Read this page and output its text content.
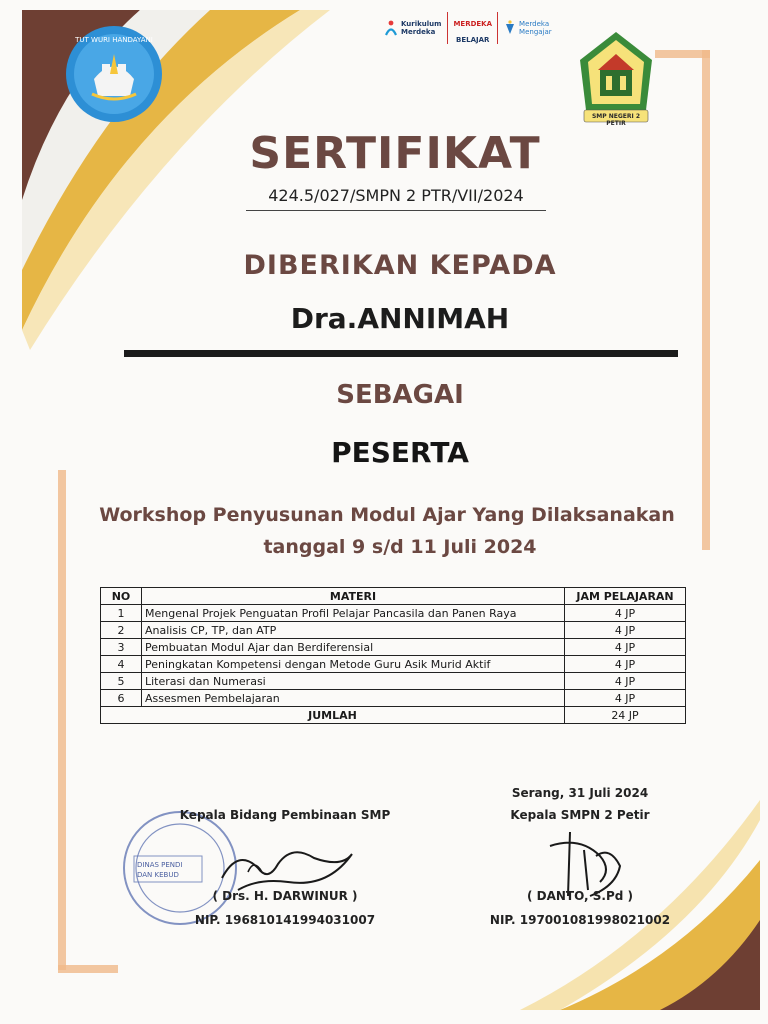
TUT WURI HANDAYANI
Kurikulum
Merdeka

MERDEKA

BELAJAR

Merdeka
Mengajar
SMP NEGERI 2 PETIR
SERTIFIKAT
424.5/027/SMPN 2 PTR/VII/2024
DIBERIKAN KEPADA
Dra.ANNIMAH
SEBAGAI
PESERTA
Workshop Penyusunan Modul Ajar Yang Dilaksanakan
tanggal 9 s/d 11 Juli 2024
NO	MATERI	JAM PELAJARAN
1	Mengenal Projek Penguatan Profil Pelajar Pancasila dan Panen Raya	4 JP
2	Analisis CP, TP, dan ATP	4 JP
3	Pembuatan Modul Ajar dan Berdiferensial	4 JP
4	Peningkatan Kompetensi dengan Metode Guru Asik Murid Aktif	4 JP
5	Literasi dan Numerasi	4 JP
6	Assesmen Pembelajaran	4 JP
JUMLAH		24 JP
DINAS PENDI
DAN KEBUD
Kepala Bidang Pembinaan SMP
( Drs. H. DARWINUR )
NIP. 196810141994031007
Serang, 31 Juli 2024
Kepala SMPN 2 Petir
( DANTO, S.Pd )
NIP. 197001081998021002
